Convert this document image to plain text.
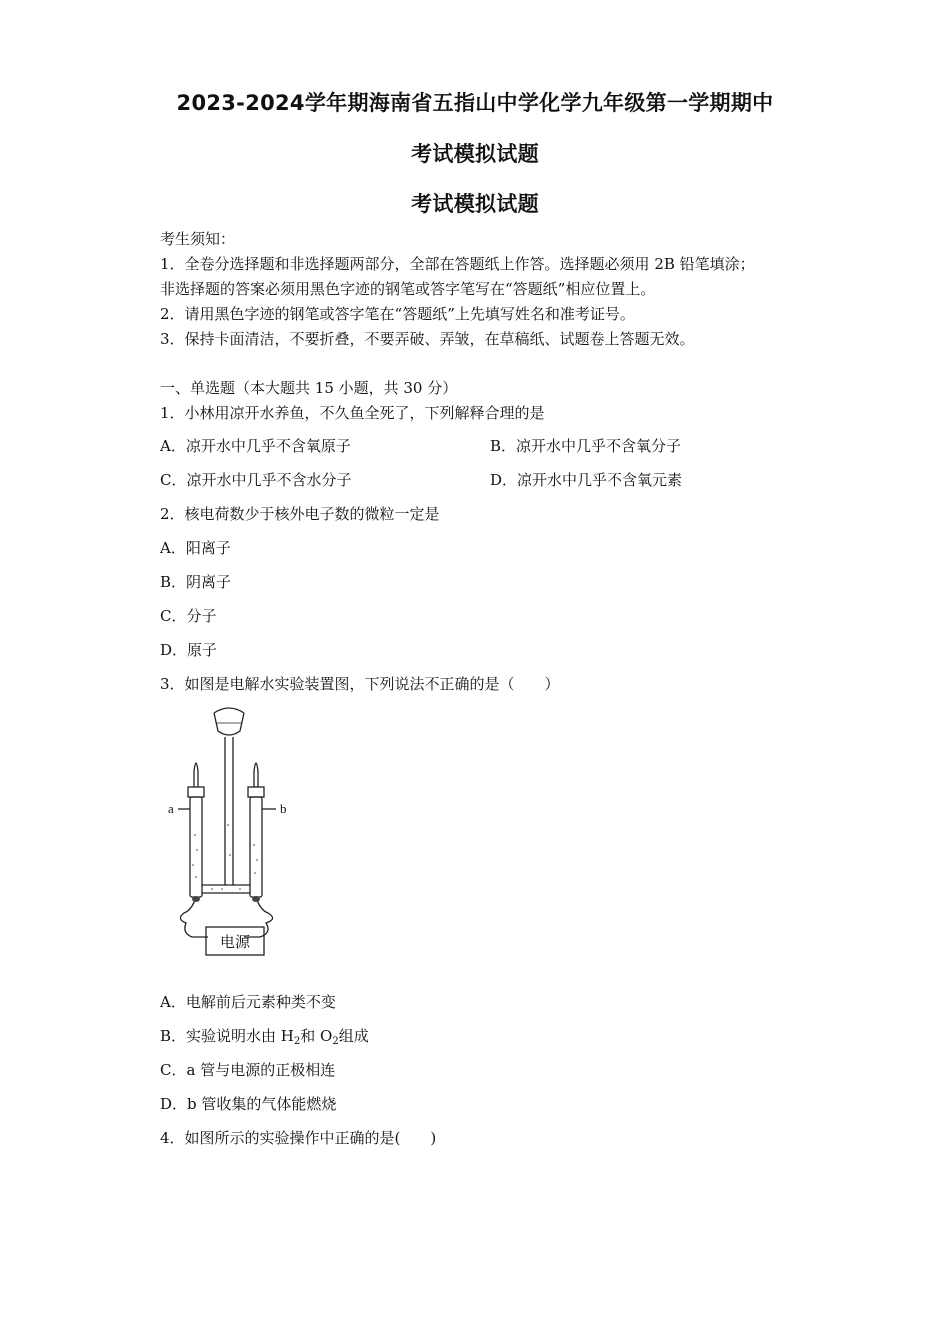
2023-2024学年期海南省五指山中学化学九年级第一学期期中
考试模拟试题
考试模拟试题
考生须知：
1．全卷分选择题和非选择题两部分，全部在答题纸上作答。选择题必须用 2B 铅笔填涂；
非选择题的答案必须用黑色字迹的钢笔或答字笔写在“答题纸”相应位置上。
2．请用黑色字迹的钢笔或答字笔在“答题纸”上先填写姓名和准考证号。
3．保持卡面清洁，不要折叠，不要弄破、弄皱，在草稿纸、试题卷上答题无效。
一、单选题（本大题共 15 小题，共 30 分）
1．小林用凉开水养鱼，不久鱼全死了，下列解释合理的是
A．凉开水中几乎不含氧原子	B．凉开水中几乎不含氧分子
C．凉开水中几乎不含水分子	D．凉开水中几乎不含氧元素
2．核电荷数少于核外电子数的微粒一定是
A．阳离子
B．阴离子
C．分子
D．原子
3．如图是电解水实验装置图，下列说法不正确的是（　　）
a	b
电源
A．电解前后元素种类不变
B．实验说明水由 $H_2$和 $O_2$组成
C．a 管与电源的正极相连
D．b 管收集的气体能燃烧
4．如图所示的实验操作中正确的是(　　)
